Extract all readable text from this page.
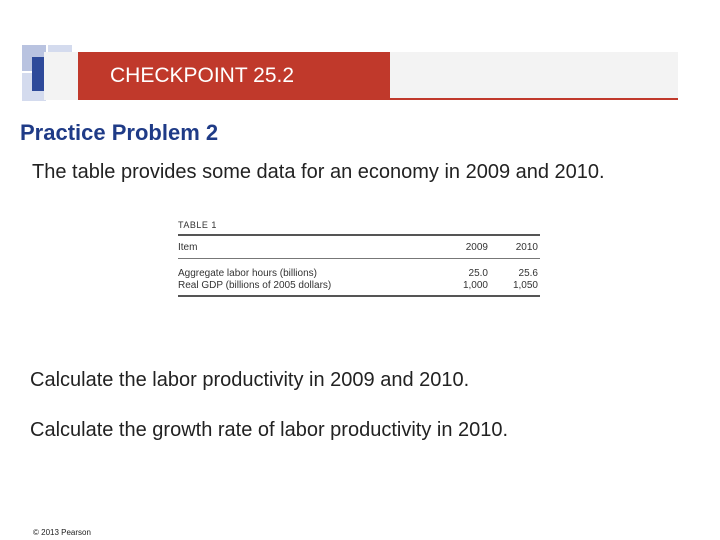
CHECKPOINT 25.2
Practice Problem 2
The table provides some data for an economy in 2009 and 2010.
TABLE 1
Item	2009	2010
Aggregate labor hours (billions)	25.0	25.6
Real GDP (billions of 2005 dollars)	1,000	1,050
Calculate the labor productivity in 2009 and 2010.
Calculate the growth rate of labor productivity in 2010.
© 2013 Pearson
